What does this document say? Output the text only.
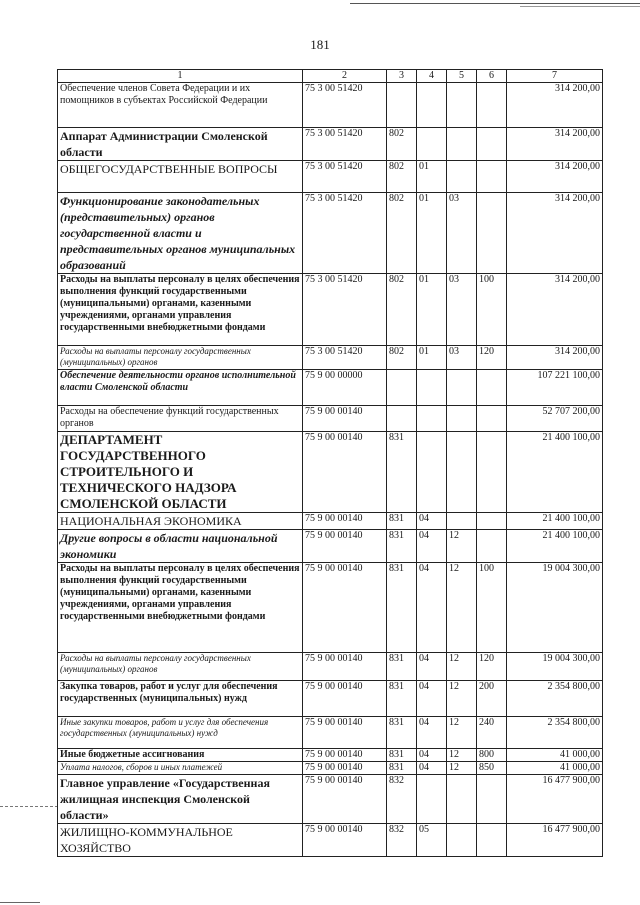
181
1	2	3	4	5	6	7
Обеспечение членов Совета Федерации и их помощников в субъектах Российской Федерации	75 3 00 51420					314 200,00
Аппарат Администрации Смоленской области	75 3 00 51420	802				314 200,00
ОБЩЕГОСУДАРСТВЕННЫЕ ВОПРОСЫ	75 3 00 51420	802	01			314 200,00
Функционирование законодательных (представительных) органов государственной власти и представительных органов муниципальных образований	75 3 00 51420	802	01	03		314 200,00
Расходы на выплаты персоналу в целях обеспечения выполнения функций государственными (муниципальными) органами, казенными учреждениями, органами управления государственными внебюджетными фондами	75 3 00 51420	802	01	03	100	314 200,00
Расходы на выплаты персоналу государственных (муниципальных) органов	75 3 00 51420	802	01	03	120	314 200,00
Обеспечение деятельности органов исполнительной власти Смоленской области	75 9 00 00000					107 221 100,00
Расходы на обеспечение функций государственных органов	75 9 00 00140					52 707 200,00
ДЕПАРТАМЕНТ ГОСУДАРСТВЕННОГО СТРОИТЕЛЬНОГО И ТЕХНИЧЕСКОГО НАДЗОРА СМОЛЕНСКОЙ ОБЛАСТИ	75 9 00 00140	831				21 400 100,00
НАЦИОНАЛЬНАЯ ЭКОНОМИКА	75 9 00 00140	831	04			21 400 100,00
Другие вопросы в области национальной экономики	75 9 00 00140	831	04	12		21 400 100,00
Расходы на выплаты персоналу в целях обеспечения выполнения функций государственными (муниципальными) органами, казенными учреждениями, органами управления государственными внебюджетными фондами	75 9 00 00140	831	04	12	100	19 004 300,00
Расходы на выплаты персоналу государственных (муниципальных) органов	75 9 00 00140	831	04	12	120	19 004 300,00
Закупка товаров, работ и услуг для обеспечения государственных (муниципальных) нужд	75 9 00 00140	831	04	12	200	2 354 800,00
Иные закупки товаров, работ и услуг для обеспечения государственных (муниципальных) нужд	75 9 00 00140	831	04	12	240	2 354 800,00
Иные бюджетные ассигнования	75 9 00 00140	831	04	12	800	41 000,00
Уплата налогов, сборов и иных платежей	75 9 00 00140	831	04	12	850	41 000,00
Главное управление «Государственная жилищная инспекция Смоленской области»	75 9 00 00140	832				16 477 900,00
ЖИЛИЩНО-КОММУНАЛЬНОЕ ХОЗЯЙСТВО	75 9 00 00140	832	05			16 477 900,00
